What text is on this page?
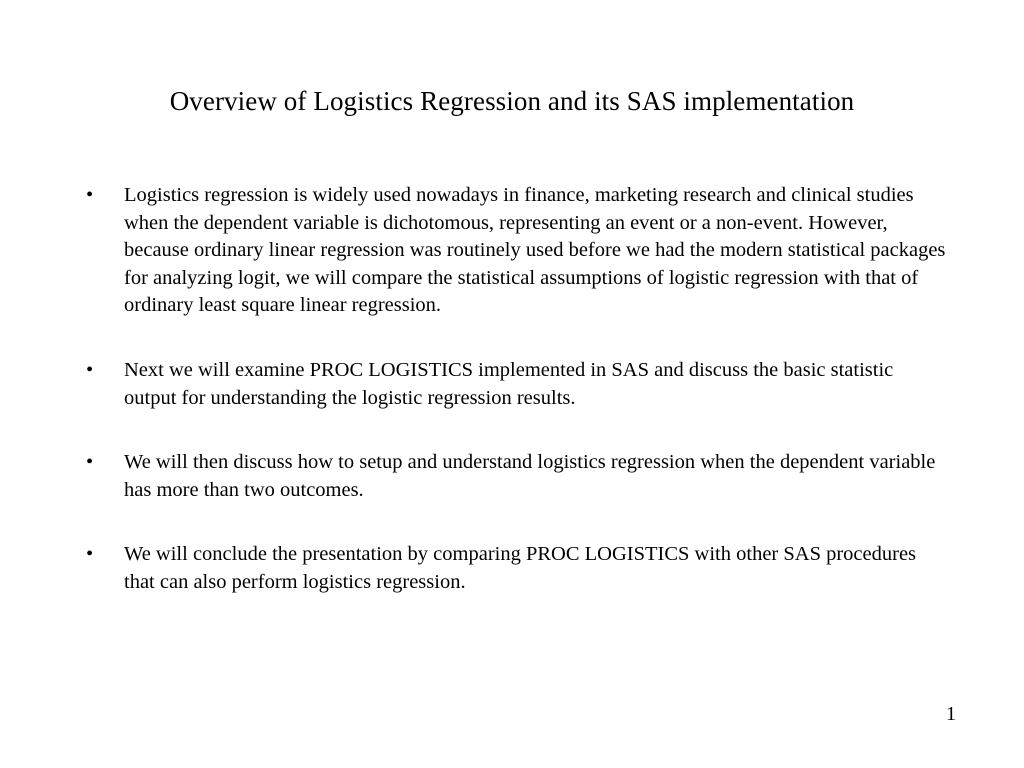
Overview of Logistics Regression and its SAS implementation
•	Logistics regression is widely used nowadays in finance, marketing research and clinical studies when the dependent variable is dichotomous, representing an event or a non-event. However, because ordinary linear regression was routinely used before we had the modern statistical packages for analyzing logit, we will compare the statistical assumptions of logistic regression with that of ordinary least square linear regression.
•	Next we will examine PROC LOGISTICS implemented in SAS and discuss the basic statistic output for understanding the logistic regression results.
•	We will then discuss how to setup and understand logistics regression when the dependent variable has more than two outcomes.
•	We will conclude the presentation by comparing PROC LOGISTICS with other SAS procedures that can also perform logistics regression.
1
